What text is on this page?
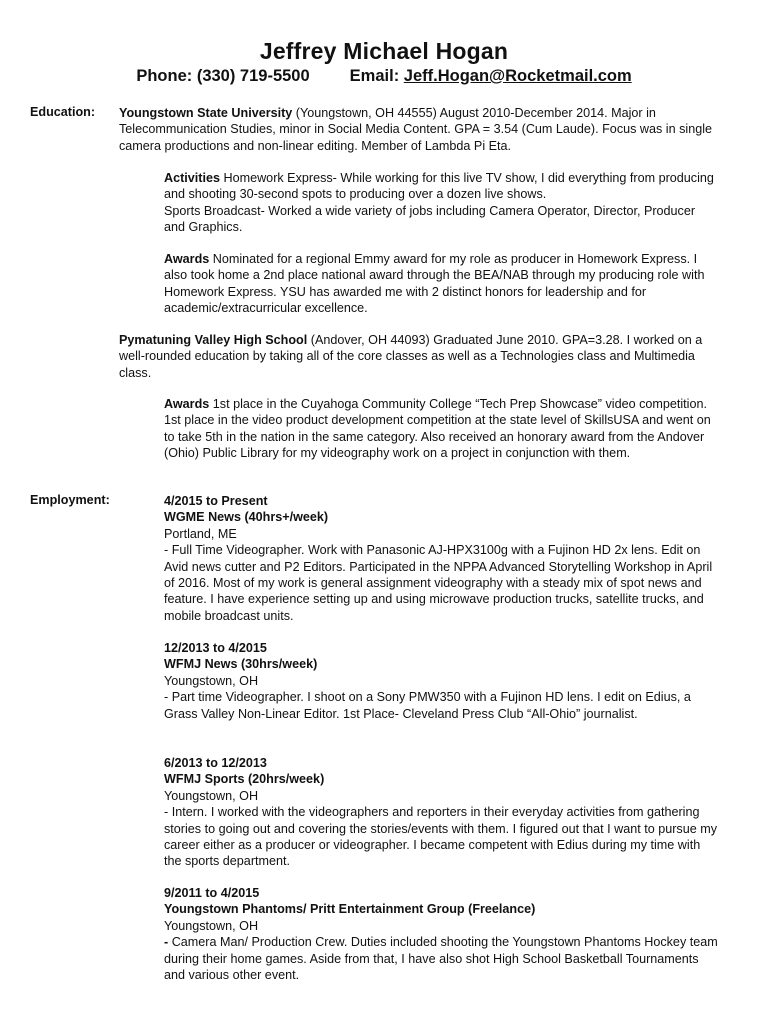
Jeffrey Michael Hogan
Phone: (330) 719-5500 Email: Jeff.Hogan@Rocketmail.com
Education: Youngstown State University (Youngstown, OH 44555) August 2010-December 2014. Major in Telecommunication Studies, minor in Social Media Content. GPA = 3.54 (Cum Laude). Focus was in single camera productions and non-linear editing. Member of Lambda Pi Eta.
Activities Homework Express- While working for this live TV show, I did everything from producing and shooting 30-second spots to producing over a dozen live shows.
Sports Broadcast- Worked a wide variety of jobs including Camera Operator, Director, Producer and Graphics.
Awards Nominated for a regional Emmy award for my role as producer in Homework Express. I also took home a 2nd place national award through the BEA/NAB through my producing role with Homework Express. YSU has awarded me with 2 distinct honors for leadership and for academic/extracurricular excellence.
Pymatuning Valley High School (Andover, OH 44093) Graduated June 2010. GPA=3.28. I worked on a well-rounded education by taking all of the core classes as well as a Technologies class and Multimedia class.
Awards 1st place in the Cuyahoga Community College “Tech Prep Showcase” video competition. 1st place in the video product development competition at the state level of SkillsUSA and went on to take 5th in the nation in the same category. Also received an honorary award from the Andover (Ohio) Public Library for my videography work on a project in conjunction with them.
Employment:	4/2015 to Present
WGME News (40hrs+/week)
Portland, ME
- Full Time Videographer. Work with Panasonic AJ-HPX3100g with a Fujinon HD 2x lens. Edit on Avid news cutter and P2 Editors. Participated in the NPPA Advanced Storytelling Workshop in April of 2016. Most of my work is general assignment videography with a steady mix of spot news and feature. I have experience setting up and using microwave production trucks, satellite trucks, and mobile broadcast units.
12/2013 to 4/2015
WFMJ News (30hrs/week)
Youngstown, OH
- Part time Videographer. I shoot on a Sony PMW350 with a Fujinon HD lens. I edit on Edius, a Grass Valley Non-Linear Editor. 1st Place- Cleveland Press Club “All-Ohio” journalist.
6/2013 to 12/2013
WFMJ Sports (20hrs/week)
Youngstown, OH
- Intern. I worked with the videographers and reporters in their everyday activities from gathering stories to going out and covering the stories/events with them. I figured out that I want to pursue my career either as a producer or videographer. I became competent with Edius during my time with the sports department.
9/2011 to 4/2015
Youngstown Phantoms/ Pritt Entertainment Group (Freelance)
Youngstown, OH
- Camera Man/ Production Crew. Duties included shooting the Youngstown Phantoms Hockey team during their home games. Aside from that, I have also shot High School Basketball Tournaments and various other event.
